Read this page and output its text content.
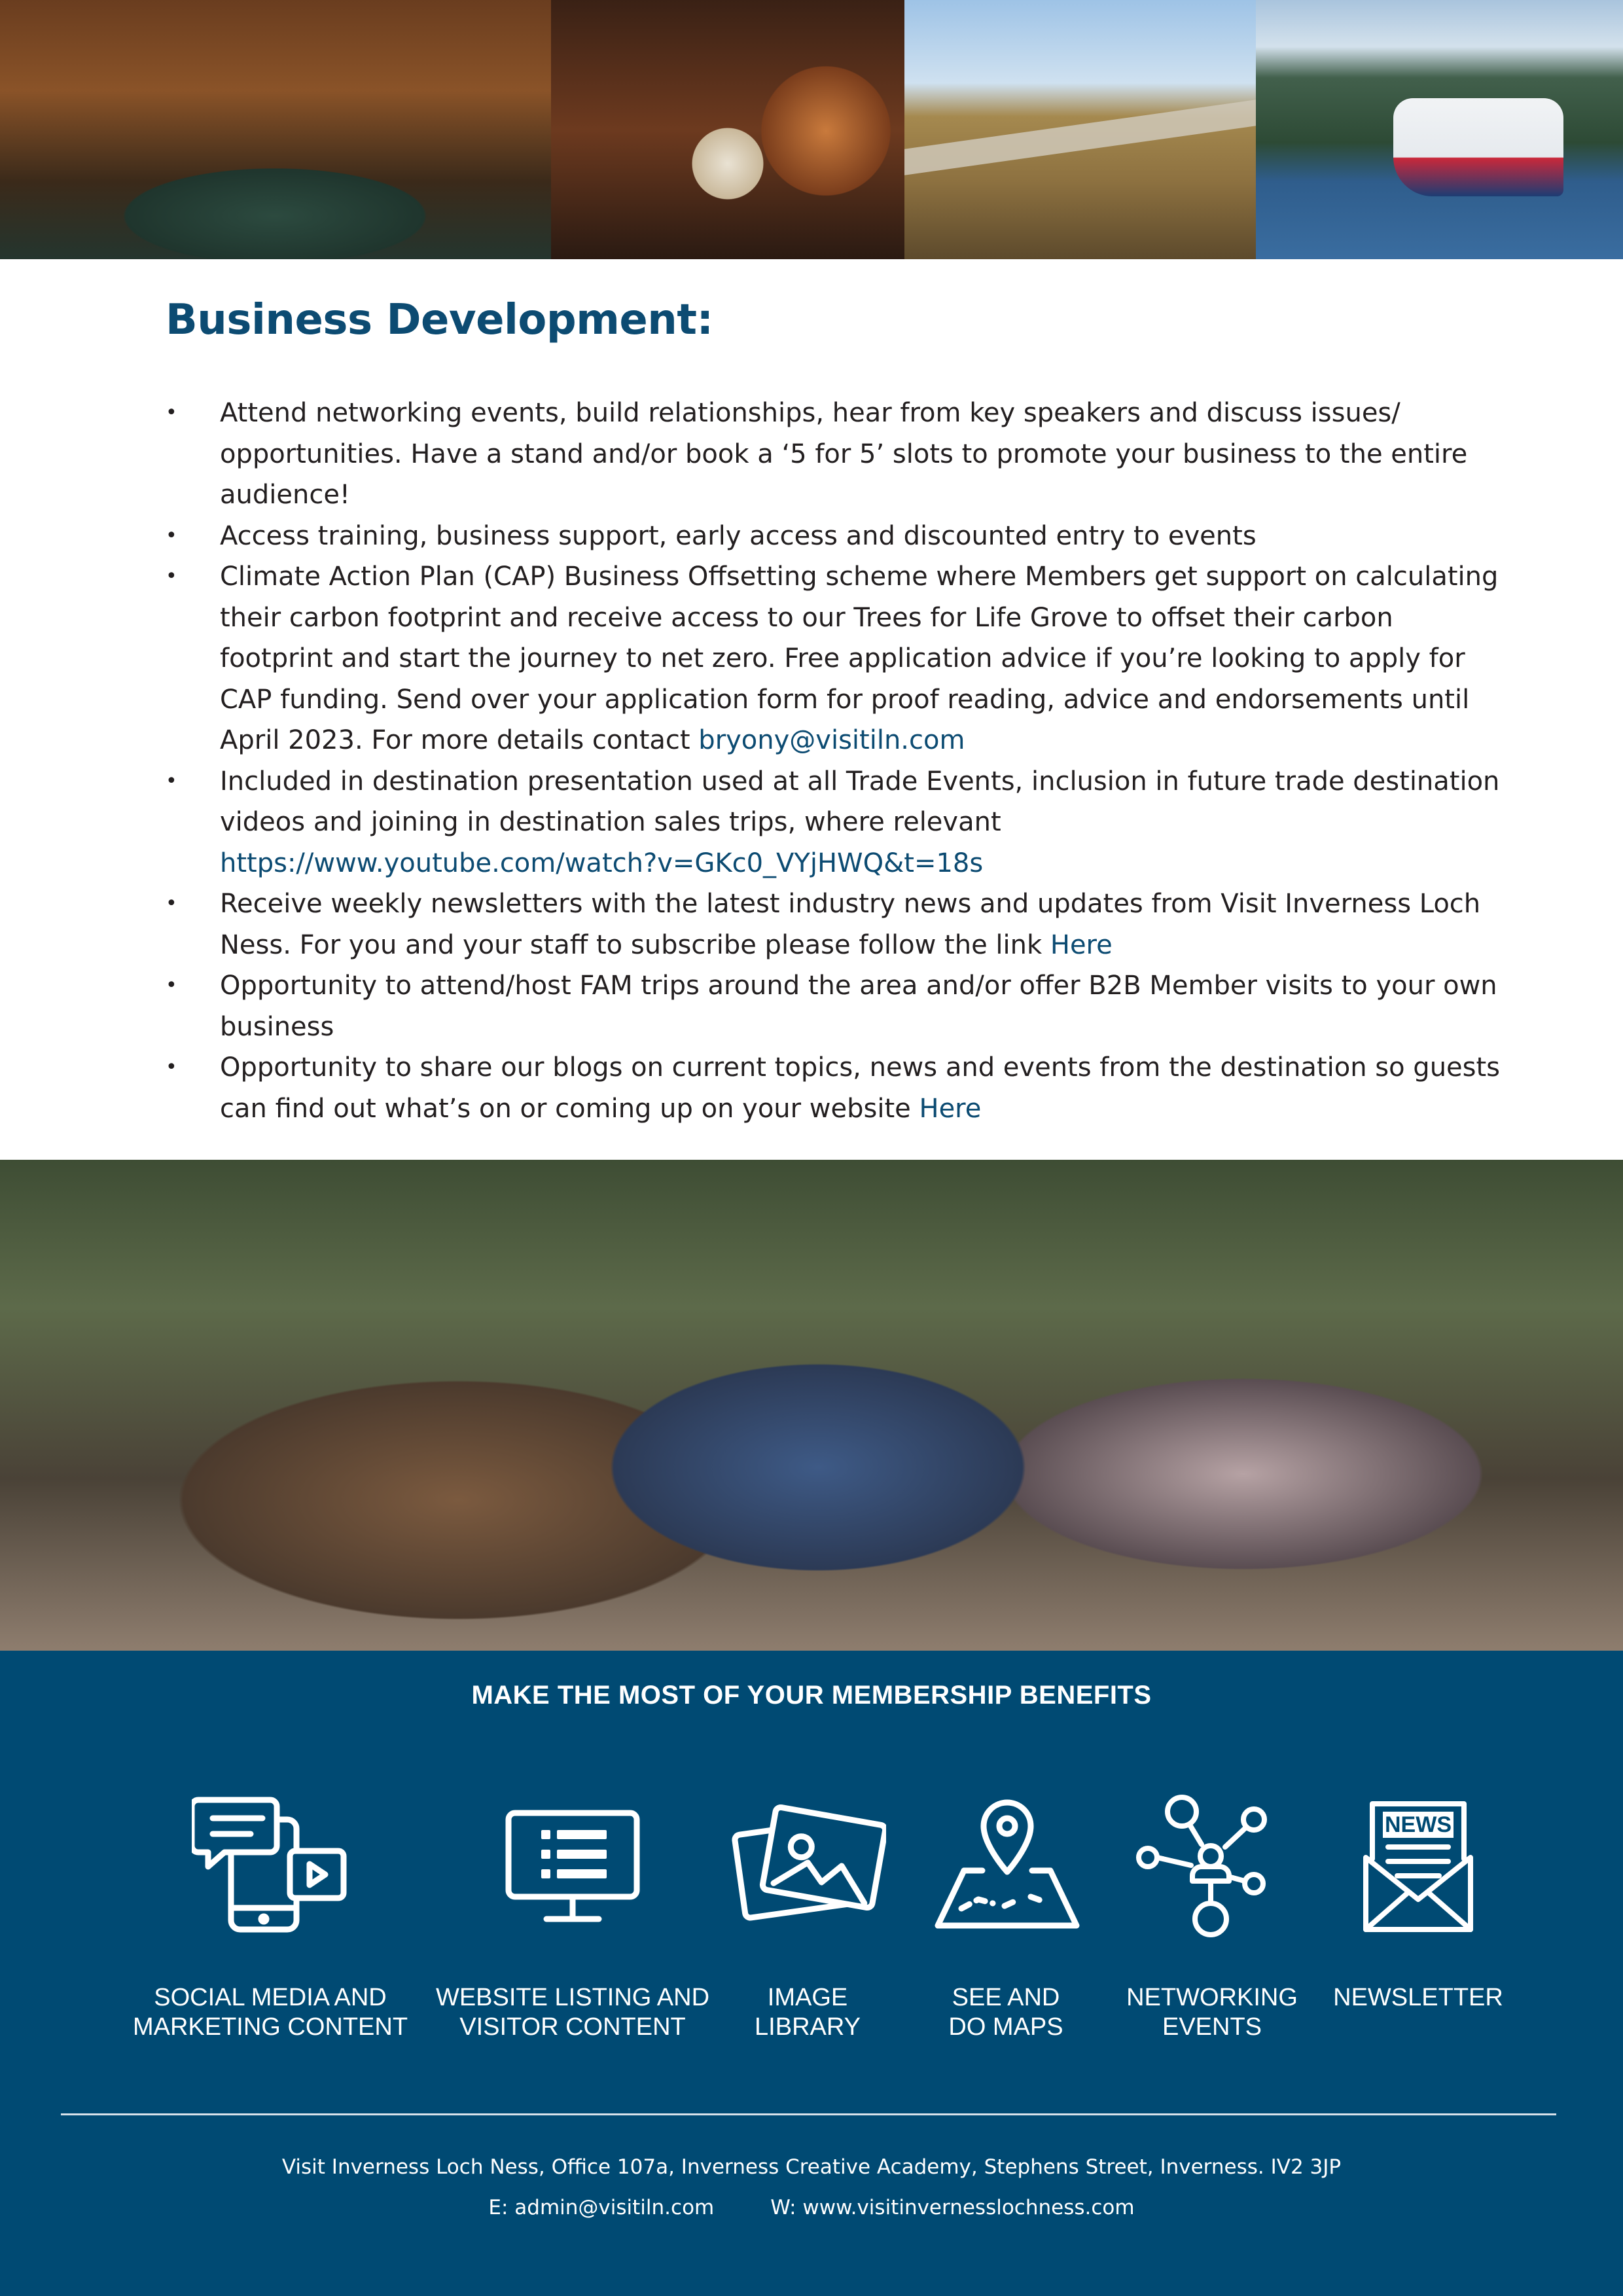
Business Development:
• Attend networking events, build relationships, hear from key speakers and discuss issues/ opportunities. Have a stand and/or book a ‘5 for 5’ slots to promote your business to the entire audience!
• Access training, business support, early access and discounted entry to events
• Climate Action Plan (CAP) Business Offsetting scheme where Members get support on calculating their carbon footprint and receive access to our Trees for Life Grove to offset their carbon footprint and start the journey to net zero. Free application advice if you’re looking to apply for CAP funding. Send over your application form for proof reading, advice and endorsements until April 2023. For more details contact bryony@visitiln.com
• Included in destination presentation used at all Trade Events, inclusion in future trade destination videos and joining in destination sales trips, where relevant
https://www.youtube.com/watch?v=GKc0_VYjHWQ&t=18s
• Receive weekly newsletters with the latest industry news and updates from Visit Inverness Loch Ness. For you and your staff to subscribe please follow the link Here
• Opportunity to attend/host FAM trips around the area and/or offer B2B Member visits to your own business
• Opportunity to share our blogs on current topics, news and events from the destination so guests can find out what’s on or coming up on your website Here
MAKE THE MOST OF YOUR MEMBERSHIP BENEFITS
SOCIAL MEDIA AND
MARKETING CONTENT
WEBSITE LISTING AND
VISITOR CONTENT
IMAGE
LIBRARY
SEE AND
DO MAPS
NETWORKING
EVENTS
NEWS
NEWSLETTER
Visit Inverness Loch Ness, Office 107a, Inverness Creative Academy, Stephens Street, Inverness. IV2 3JP
E: admin@visitiln.com	W: www.visitinvernesslochness.com
